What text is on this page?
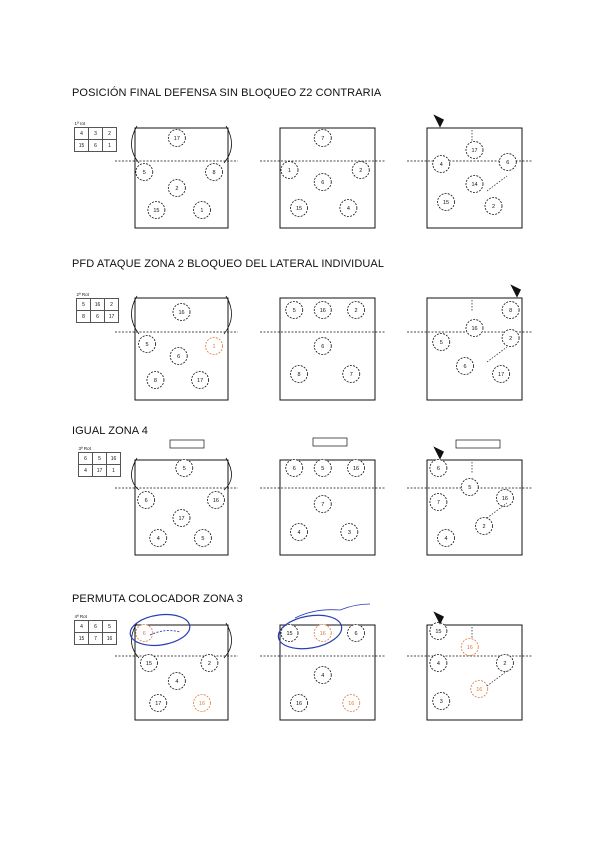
POSICIÓN FINAL DEFENSA SIN BLOQUEO Z2 CONTRARIA
PFD ATAQUE ZONA 2 BLOQUEO DEL LATERAL INDIVIDUAL
IGUAL ZONA 4
PERMUTA COLOCADOR ZONA 3
1ª rot		
4	3	2
15	6	1
2ª Rot		
5	16	2
8	6	17
3ª Rot		
6	5	16
4	17	1
4ª Rot		
4	6	5
15	7	16
17
5
2
8
15	1
7
1
6
2
15	4
17
4
14
6
15
2
16
5
6
1
8	17
5	16	2
6
8	7
5
16
8
2
6
17
5
6	16
17
4	5
6	5	16
7
4	3
6
5
7
16
2
4
6
15	2
4
17	16
15	16	6
4
16	16
15
16
4	2
16
3
